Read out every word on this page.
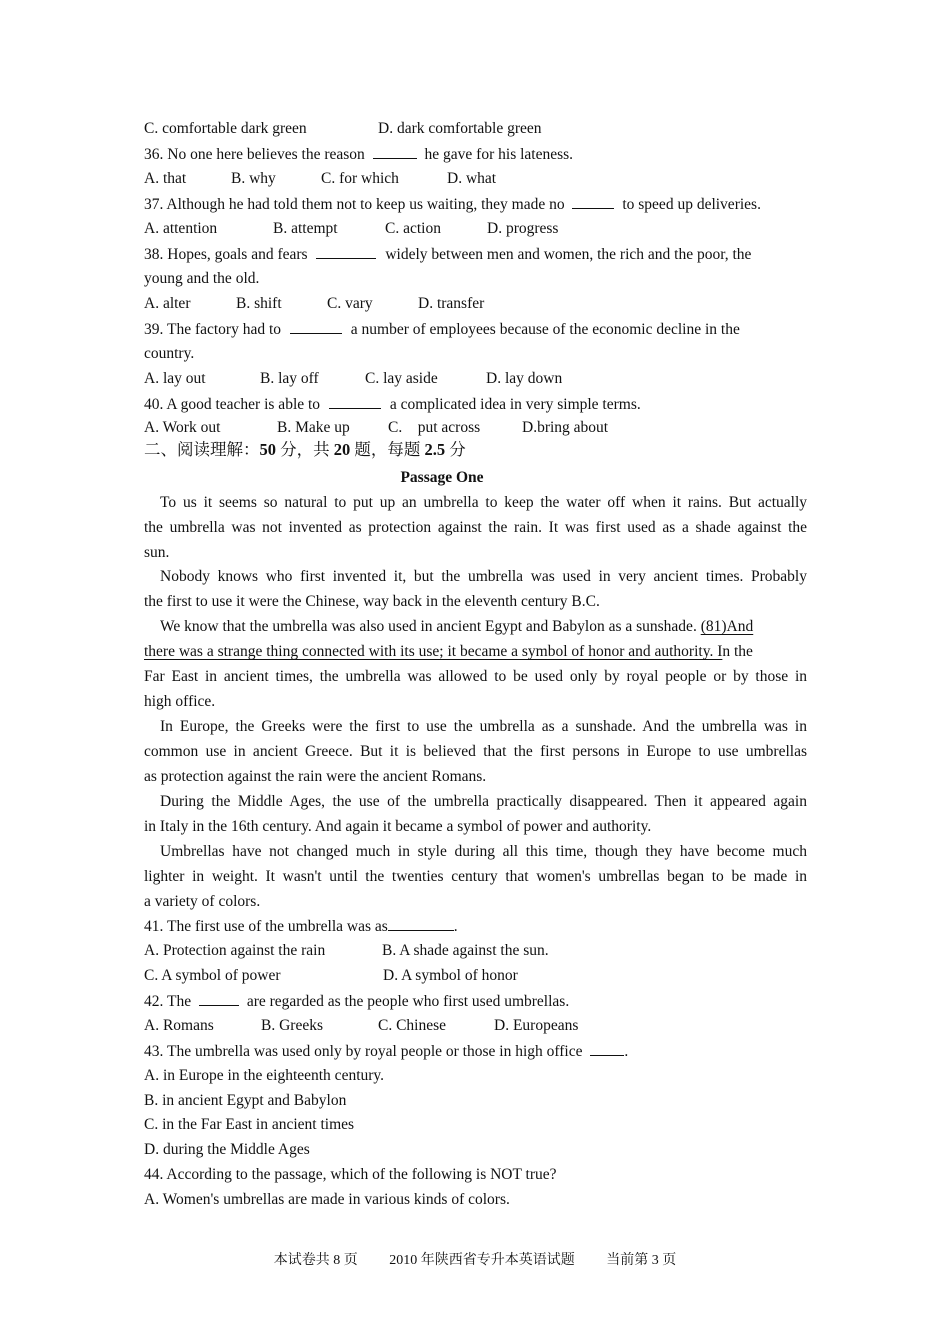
C. comfortable dark green	D. dark comfortable green
36. No one here believes the reason	he gave for his lateness.
A. that	B. why	C. for which	D. what
37. Although he had told them not to keep us waiting, they made no	to speed up deliveries.
A. attention	B. attempt	C. action	D. progress
38. Hopes, goals and fears	widely between men and women, the rich and the poor, the
young and the old.
A. alter	B. shift	C. vary	D. transfer
39. The factory had to	a number of employees because of the economic decline in the
country.
A. lay out	B. lay off	C. lay aside	D. lay down
40. A good teacher is able to	a complicated idea in very simple terms.
A. Work out	B. Make up C.    put across	D.bring about
二、阅读理解：50 分，共 20 题，每题 2.5 分
Passage One
To us it seems so natural to put up an umbrella to keep the water off when it rains. But actually
the umbrella was not invented as protection against the rain. It was first used as a shade against the
sun.
Nobody knows who first invented it, but the umbrella was used in very ancient times. Probably
the first to use it were the Chinese, way back in the eleventh century B.C.
We know that the umbrella was also used in ancient Egypt and Babylon as a sunshade. (81)And
there was a strange thing connected with its use; it became a symbol of honor and authority. In the
Far East in ancient times, the umbrella was allowed to be used only by royal people or by those in
high office.
In Europe, the Greeks were the first to use the umbrella as a sunshade. And the umbrella was in
common use in ancient Greece. But it is believed that the first persons in Europe to use umbrellas
as protection against the rain were the ancient Romans.
During the Middle Ages, the use of the umbrella practically disappeared. Then it appeared again
in Italy in the 16th century. And again it became a symbol of power and authority.
Umbrellas have not changed much in style during all this time, though they have become much
lighter in weight. It wasn't until the twenties century that women's umbrellas began to be made in
a variety of colors.
41. The first use of the umbrella was as	.
A. Protection against the rain	B. A shade against the sun.
C. A symbol of power	D. A symbol of honor
42. The	are regarded as the people who first used umbrellas.
A. Romans	B. Greeks	C. Chinese	D. Europeans
43. The umbrella was used only by royal people or those in high office	.
A. in Europe in the eighteenth century.
B. in ancient Egypt and Babylon
C. in the Far East in ancient times
D. during the Middle Ages
44. According to the passage, which of the following is NOT true?
A. Women's umbrellas are made in various kinds of colors.
本试卷共 8 页 2010 年陕西省专升本英语试题 当前第 3 页
